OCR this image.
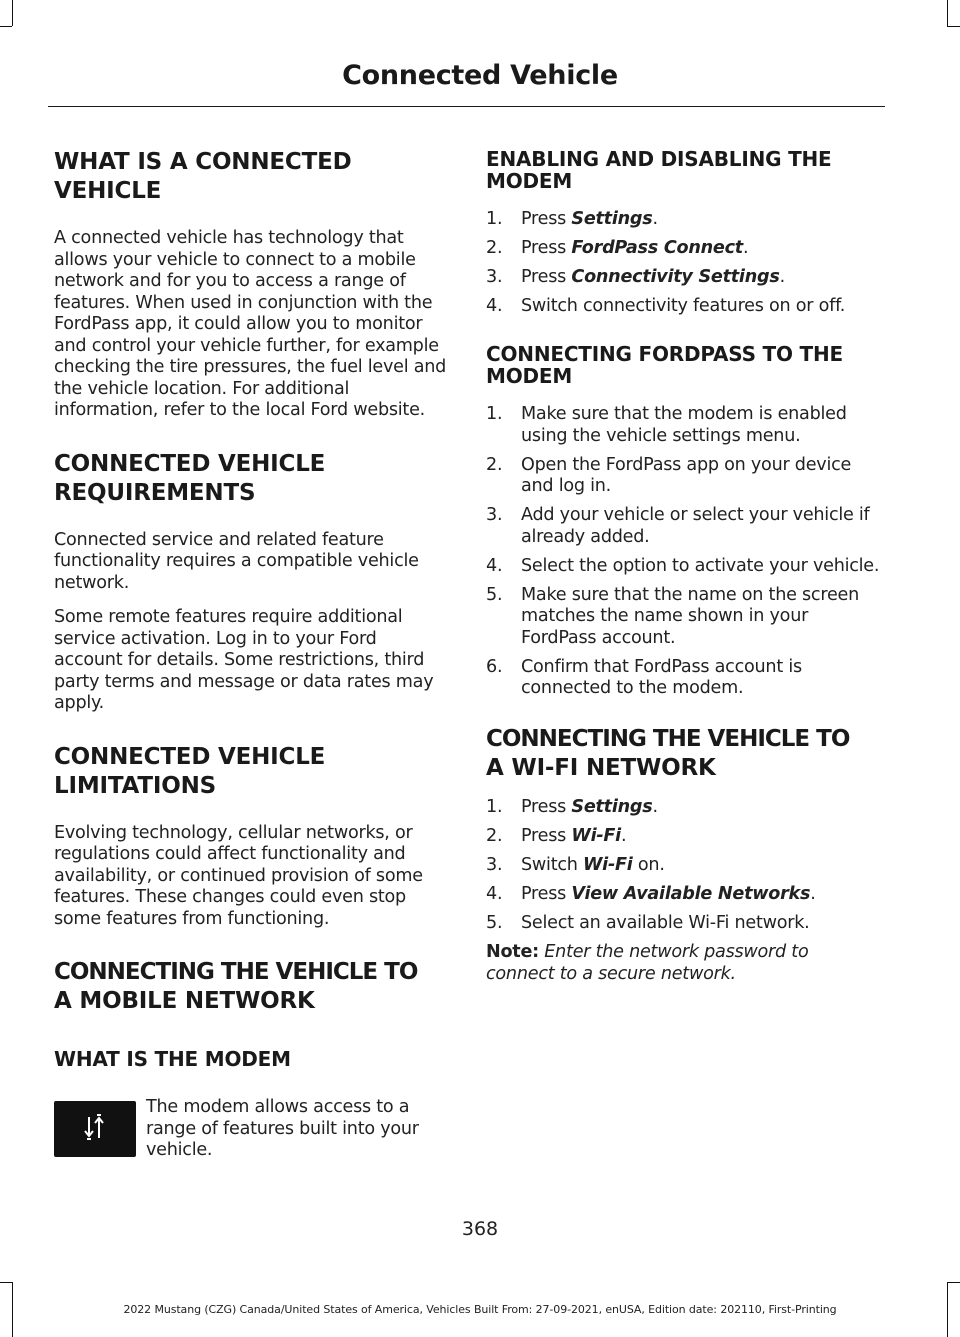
Connected Vehicle
WHAT IS A CONNECTED
VEHICLE

A connected vehicle has technology that allows your vehicle to connect to a mobile network and for you to access a range of features. When used in conjunction with the FordPass app, it could allow you to monitor and control your vehicle further, for example checking the tire pressures, the fuel level and the vehicle location. For additional information, refer to the local Ford website.

CONNECTED VEHICLE
REQUIREMENTS

Connected service and related feature functionality requires a compatible vehicle network.

Some remote features require additional service activation. Log in to your Ford account for details. Some restrictions, third party terms and message or data rates may apply.

CONNECTED VEHICLE
LIMITATIONS

Evolving technology, cellular networks, or regulations could affect functionality and availability, or continued provision of some features. These changes could even stop some features from functioning.

CONNECTING THE VEHICLE TO
A MOBILE NETWORK
WHAT IS THE MODEM

The modem allows access to a range of features built into your vehicle.

ENABLING AND DISABLING THE MODEM
1. Press Settings.
2. Press FordPass Connect.
3. Press Connectivity Settings.
4. Switch connectivity features on or off.
CONNECTING FORDPASS TO THE MODEM
1. Make sure that the modem is enabled using the vehicle settings menu.
2. Open the FordPass app on your device and log in.
3. Add your vehicle or select your vehicle if already added.
4. Select the option to activate your vehicle.
5. Make sure that the name on the screen matches the name shown in your FordPass account.
6. Confirm that FordPass account is connected to the modem.
CONNECTING THE VEHICLE TO
A WI-FI NETWORK
1. Press Settings.
2. Press Wi-Fi.
3. Switch Wi-Fi on.
4. Press View Available Networks.
5. Select an available Wi-Fi network.

Note: Enter the network password to connect to a secure network.

368
2022 Mustang (CZG) Canada/United States of America, Vehicles Built From: 27-09-2021, enUSA, Edition date: 202110, First-Printing
